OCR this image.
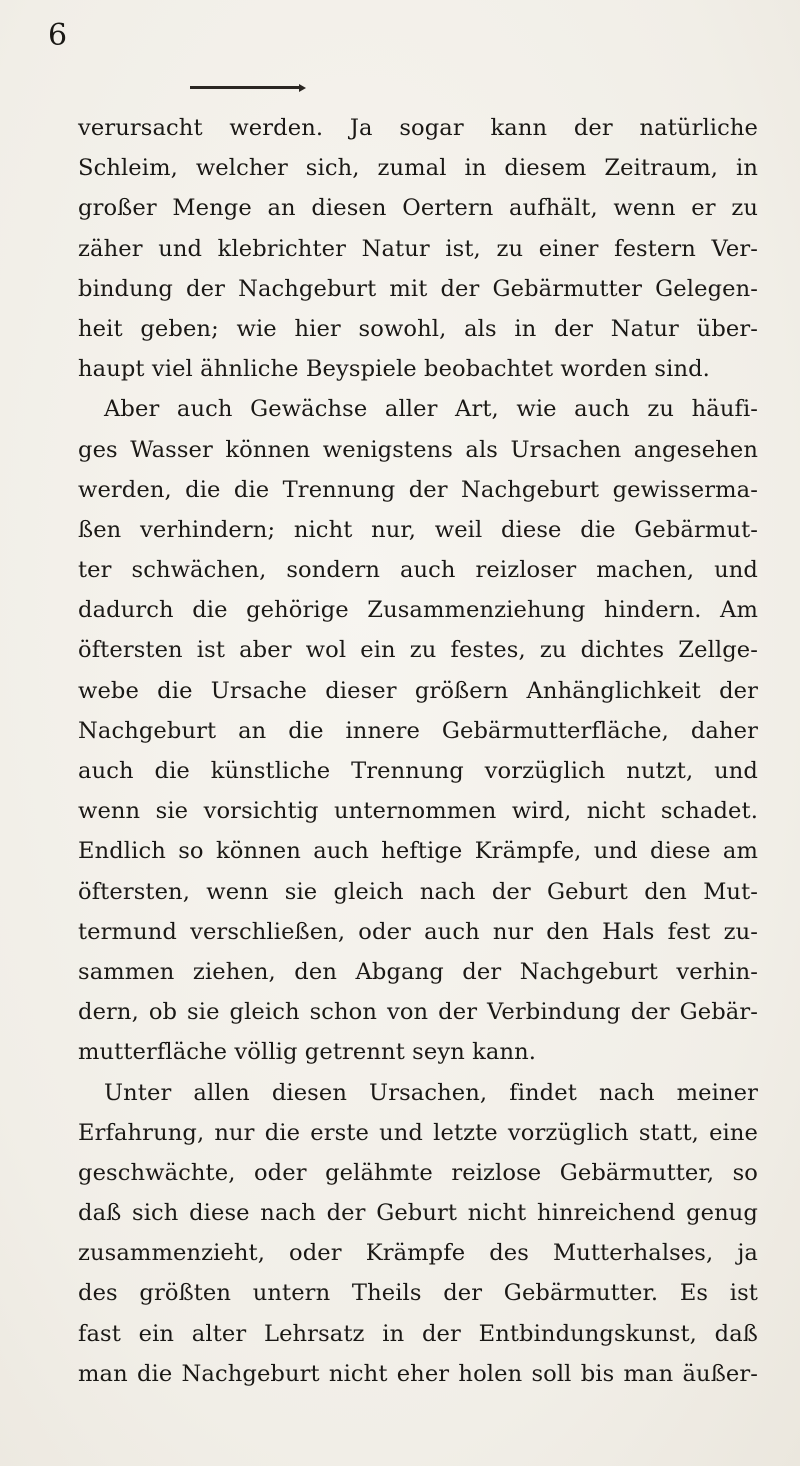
6
verursacht werden. Ja sogar kann der natürliche
Schleim, welcher sich, zumal in diesem Zeitraum, in
großer Menge an diesen Oertern aufhält, wenn er zu
zäher und klebrichter Natur ist, zu einer festern Ver-
bindung der Nachgeburt mit der Gebärmutter Gelegen-
heit geben; wie hier sowohl, als in der Natur über-
haupt viel ähnliche Beyspiele beobachtet worden sind.
Aber auch Gewächse aller Art, wie auch zu häufi-
ges Wasser können wenigstens als Ursachen angesehen
werden, die die Trennung der Nachgeburt gewisserma-
ßen verhindern; nicht nur, weil diese die Gebärmut-
ter schwächen, sondern auch reizloser machen, und
dadurch die gehörige Zusammenziehung hindern. Am
öftersten ist aber wol ein zu festes, zu dichtes Zellge-
webe die Ursache dieser größern Anhänglichkeit der
Nachgeburt an die innere Gebärmutterfläche, daher
auch die künstliche Trennung vorzüglich nutzt, und
wenn sie vorsichtig unternommen wird, nicht schadet.
Endlich so können auch heftige Krämpfe, und diese am
öftersten, wenn sie gleich nach der Geburt den Mut-
termund verschließen, oder auch nur den Hals fest zu-
sammen ziehen, den Abgang der Nachgeburt verhin-
dern, ob sie gleich schon von der Verbindung der Gebär-
mutterfläche völlig getrennt seyn kann.
Unter allen diesen Ursachen, findet nach meiner
Erfahrung, nur die erste und letzte vorzüglich statt, eine
geschwächte, oder gelähmte reizlose Gebärmutter, so
daß sich diese nach der Geburt nicht hinreichend genug
zusammenzieht, oder Krämpfe des Mutterhalses, ja
des größten untern Theils der Gebärmutter. Es ist
fast ein alter Lehrsatz in der Entbindungskunst, daß
man die Nachgeburt nicht eher holen soll bis man äußer-
